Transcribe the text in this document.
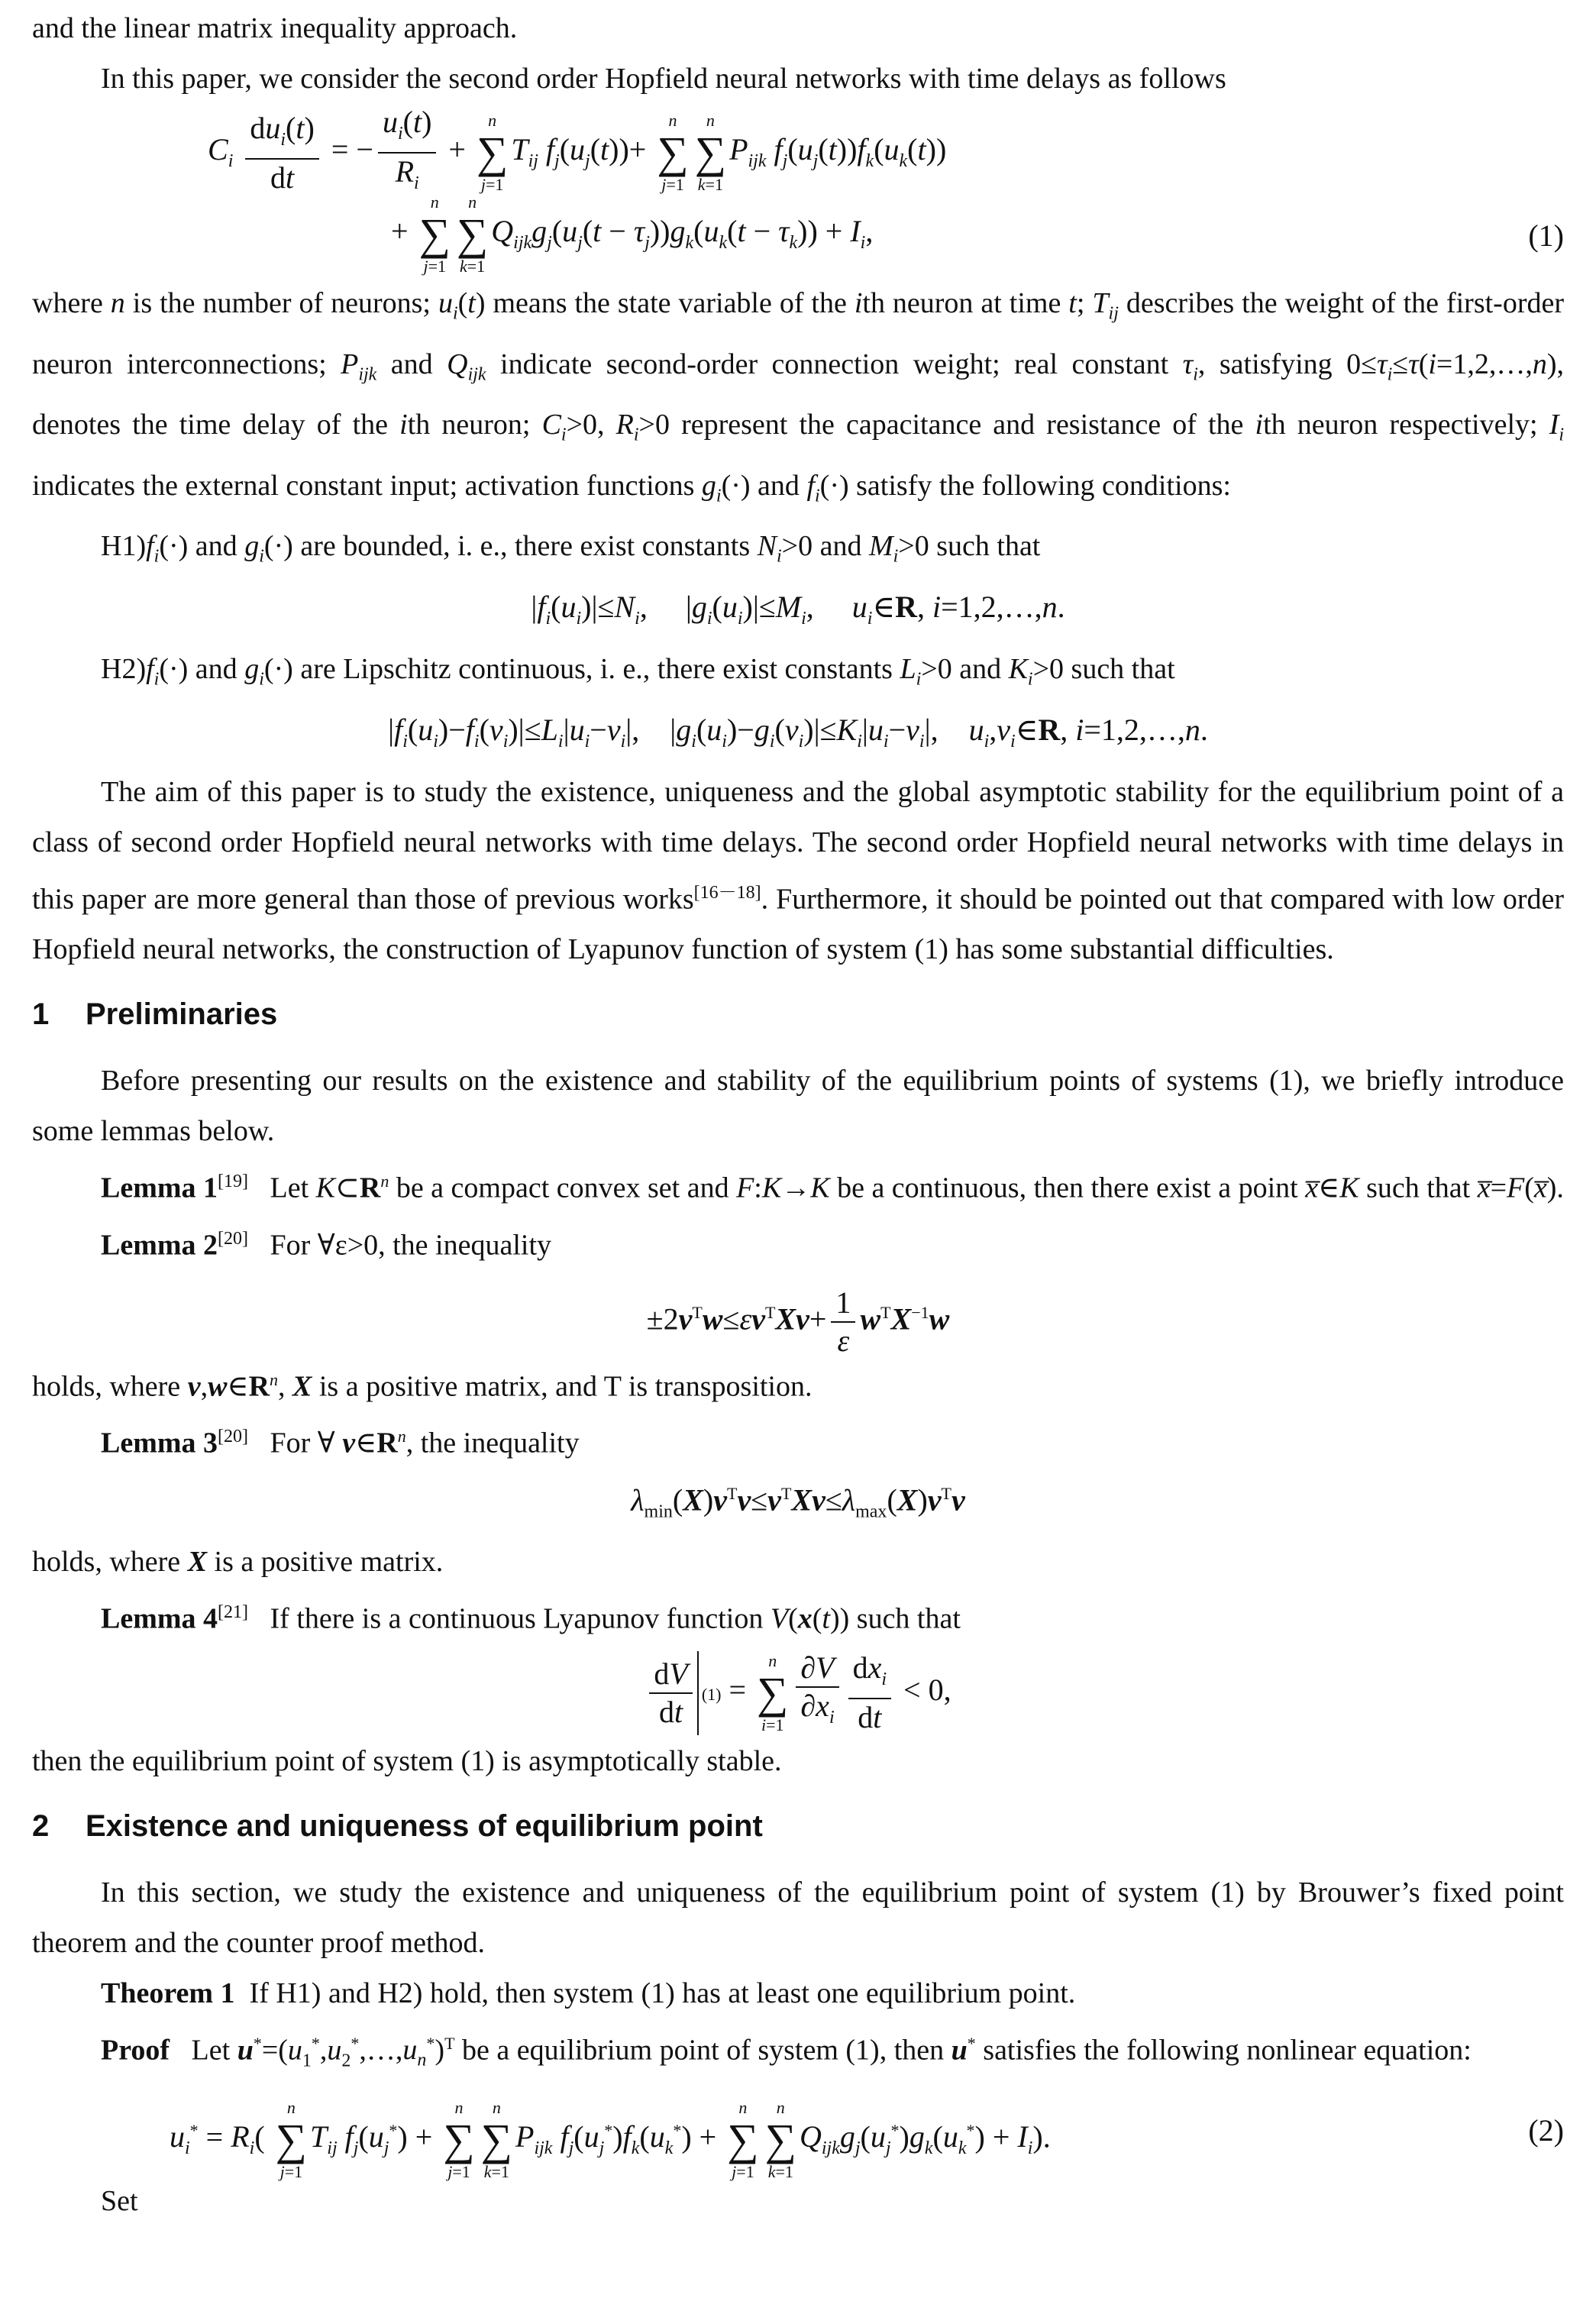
and the linear matrix inequality approach.

In this paper, we consider the second order Hopfield neural networks with time delays as follows

$C_i \frac{du_i(t)}{dt}$ = − $\frac{u_i(t)}{R_i}$ +
n
∑
j=1
$T_{ij}$ $f_j(u_j(t))+$
n
∑
j=1
n
∑
k=1
$P_{ijk}$ $f_j(u_j(t))f_k(u_k(t))$
+
n
∑
j=1
n
∑
k=1
$Q_{ijk}g_j(u_j(t - \tau_j))g_k(u_k(t - \tau_k)) + I_i$,	(1)

where n is the number of neurons; $u_i(t)$ means the state variable of the ith neuron at time t; $T_{ij}$ describes the weight of the first-order neuron interconnections; $P_{ijk}$ and $Q_{ijk}$ indicate second-order connection weight; real constant $\tau_i$, satisfying $0\le\tau_i\le\tau(i=1,2,\dots,n)$, denotes the time delay of the ith neuron; $C_i>0$, $R_i>0$ represent the capacitance and resistance of the ith neuron respectively; $I_i$ indicates the external constant input; activation functions $g_i(\cdot)$ and $f_i(\cdot)$ satisfy the following conditions:

$H1)f_i(\cdot)$ and $g_i(\cdot)$ are bounded, i. e., there exist constants $N_i>0$ and $M_i>0$ such that

$|f_i(u_i)|\le N_i$,     $|g_i(u_i)|\le M_i$,     $u_i\in R$, i=1,2,…,n.

$H2)f_i(\cdot)$ and $g_i(\cdot)$ are Lipschitz continuous, i. e., there exist constants $L_i>0$ and $K_i>0$ such that

$|f_i(u_i)-f_i(v_i)|\le L_i|u_i-v_i|$,    $|g_i(u_i)-g_i(v_i)|\le K_i|u_i-v_i|$,    $u_i,v_i\in R$, i=1,2,…,n.

The aim of this paper is to study the existence, uniqueness and the global asymptotic stability for the equilibrium point of a class of second order Hopfield neural networks with time delays. The second order Hopfield neural networks with time delays in this paper are more general than those of previous works[16－18]. Furthermore, it should be pointed out that compared with low order Hopfield neural networks, the construction of Lyapunov function of system (1) has some substantial difficulties.

1 Preliminaries

Before presenting our results on the existence and stability of the equilibrium points of systems (1), we briefly introduce some lemmas below.

Lemma 1[19]   Let K⊂R$^n$ be a compact convex set and F:K→K be a continuous, then there exist a point x̅∈K such that x̅=F(x̅).

Lemma 2[20] For ∀ε>0, the inequality

$\pm 2v^Tw\le\varepsilon v^TXv+ \frac{1}{\varepsilon} w^TX^{-1}w$

holds, where v,w∈R$^n$, X is a positive matrix, and T is transposition.

Lemma 3[20]   For ∀ v∈R$^n$, the inequality

$\lambda_{min}(X)v^Tv\le v^TXv\le\lambda_{max}(X)v^Tv$

holds, where X is a positive matrix.

Lemma 4[21]   If there is a continuous Lyapunov function V(x(t)) such that

$\frac{dV}{dt} (1)$ =
n
∑
$i=1 \frac{\partial V}{\partial x_i} \frac{dx_i}{dt} < 0$,

then the equilibrium point of system (1) is asymptotically stable.

2 Existence and uniqueness of equilibrium point

In this section, we study the existence and uniqueness of the equilibrium point of system (1) by Brouwer’s fixed point theorem and the counter proof method.

Theorem 1 If H1) and H2) hold, then system (1) has at least one equilibrium point.

Proof   Let $u^*=(u_1^*,u_2^*,\dots,u_n^*)^T$ be a equilibrium point of system (1), then u* satisfies the following nonlinear equation:

$u_i^* = R_i$(
n
∑
j=1
$T_{ij}$ $f_j(u_j^*)$ +
n
∑
j=1
n
∑
k=1
$P_{ijk}$ $f_j(u_j^*)f_k(u_k^*)$ +
n
∑
j=1
n
∑
k=1
$Q_{ijk}g_j(u_j^*)g_k(u_k^*) + I_i$).	(2)

Set
